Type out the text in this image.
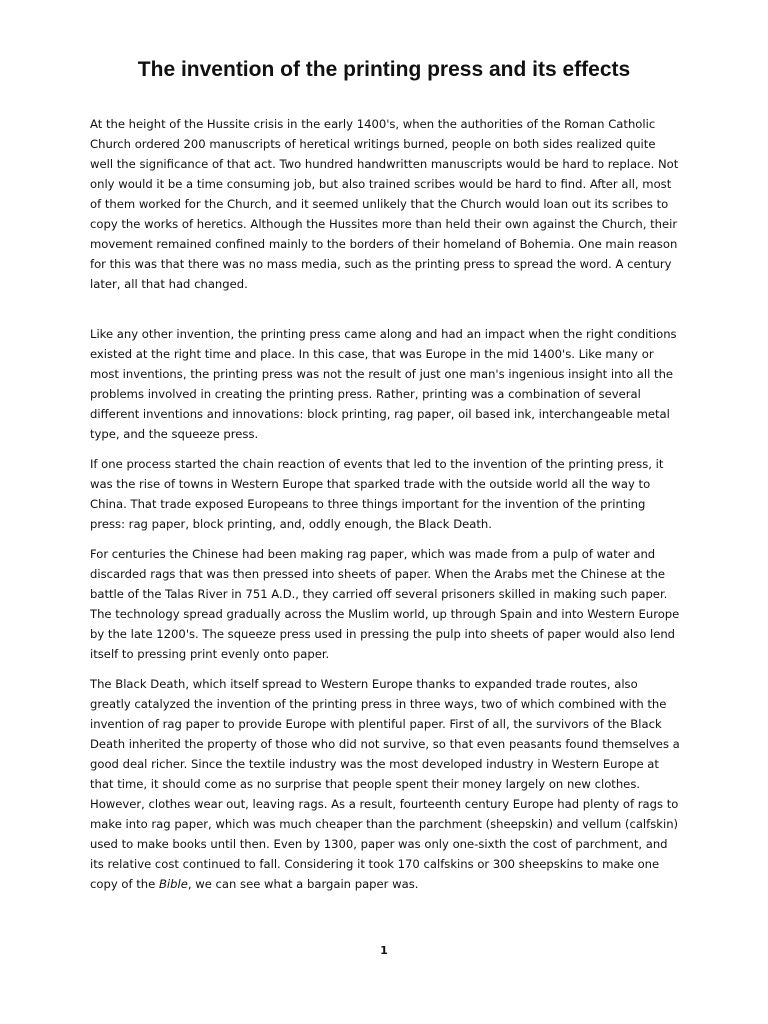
The invention of the printing press and its effects

At the height of the Hussite crisis in the early 1400's, when the authorities of the Roman Catholic Church ordered 200 manuscripts of heretical writings burned, people on both sides realized quite well the significance of that act. Two hundred handwritten manuscripts would be hard to replace. Not only would it be a time consuming job, but also trained scribes would be hard to find. After all, most of them worked for the Church, and it seemed unlikely that the Church would loan out its scribes to copy the works of heretics. Although the Hussites more than held their own against the Church, their movement remained confined mainly to the borders of their homeland of Bohemia. One main reason for this was that there was no mass media, such as the printing press to spread the word. A century later, all that had changed.

Like any other invention, the printing press came along and had an impact when the right conditions existed at the right time and place. In this case, that was Europe in the mid 1400's. Like many or most inventions, the printing press was not the result of just one man's ingenious insight into all the problems involved in creating the printing press. Rather, printing was a combination of several different inventions and innovations: block printing, rag paper, oil based ink, interchangeable metal type, and the squeeze press.

If one process started the chain reaction of events that led to the invention of the printing press, it was the rise of towns in Western Europe that sparked trade with the outside world all the way to China. That trade exposed Europeans to three things important for the invention of the printing press: rag paper, block printing, and, oddly enough, the Black Death.

For centuries the Chinese had been making rag paper, which was made from a pulp of water and discarded rags that was then pressed into sheets of paper. When the Arabs met the Chinese at the battle of the Talas River in 751 A.D., they carried off several prisoners skilled in making such paper. The technology spread gradually across the Muslim world, up through Spain and into Western Europe by the late 1200's. The squeeze press used in pressing the pulp into sheets of paper would also lend itself to pressing print evenly onto paper.

The Black Death, which itself spread to Western Europe thanks to expanded trade routes, also greatly catalyzed the invention of the printing press in three ways, two of which combined with the invention of rag paper to provide Europe with plentiful paper. First of all, the survivors of the Black Death inherited the property of those who did not survive, so that even peasants found themselves a good deal richer. Since the textile industry was the most developed industry in Western Europe at that time, it should come as no surprise that people spent their money largely on new clothes. However, clothes wear out, leaving rags. As a result, fourteenth century Europe had plenty of rags to make into rag paper, which was much cheaper than the parchment (sheepskin) and vellum (calfskin) used to make books until then. Even by 1300, paper was only one-sixth the cost of parchment, and its relative cost continued to fall. Considering it took 170 calfskins or 300 sheepskins to make one copy of the Bible, we can see what a bargain paper was.

1
